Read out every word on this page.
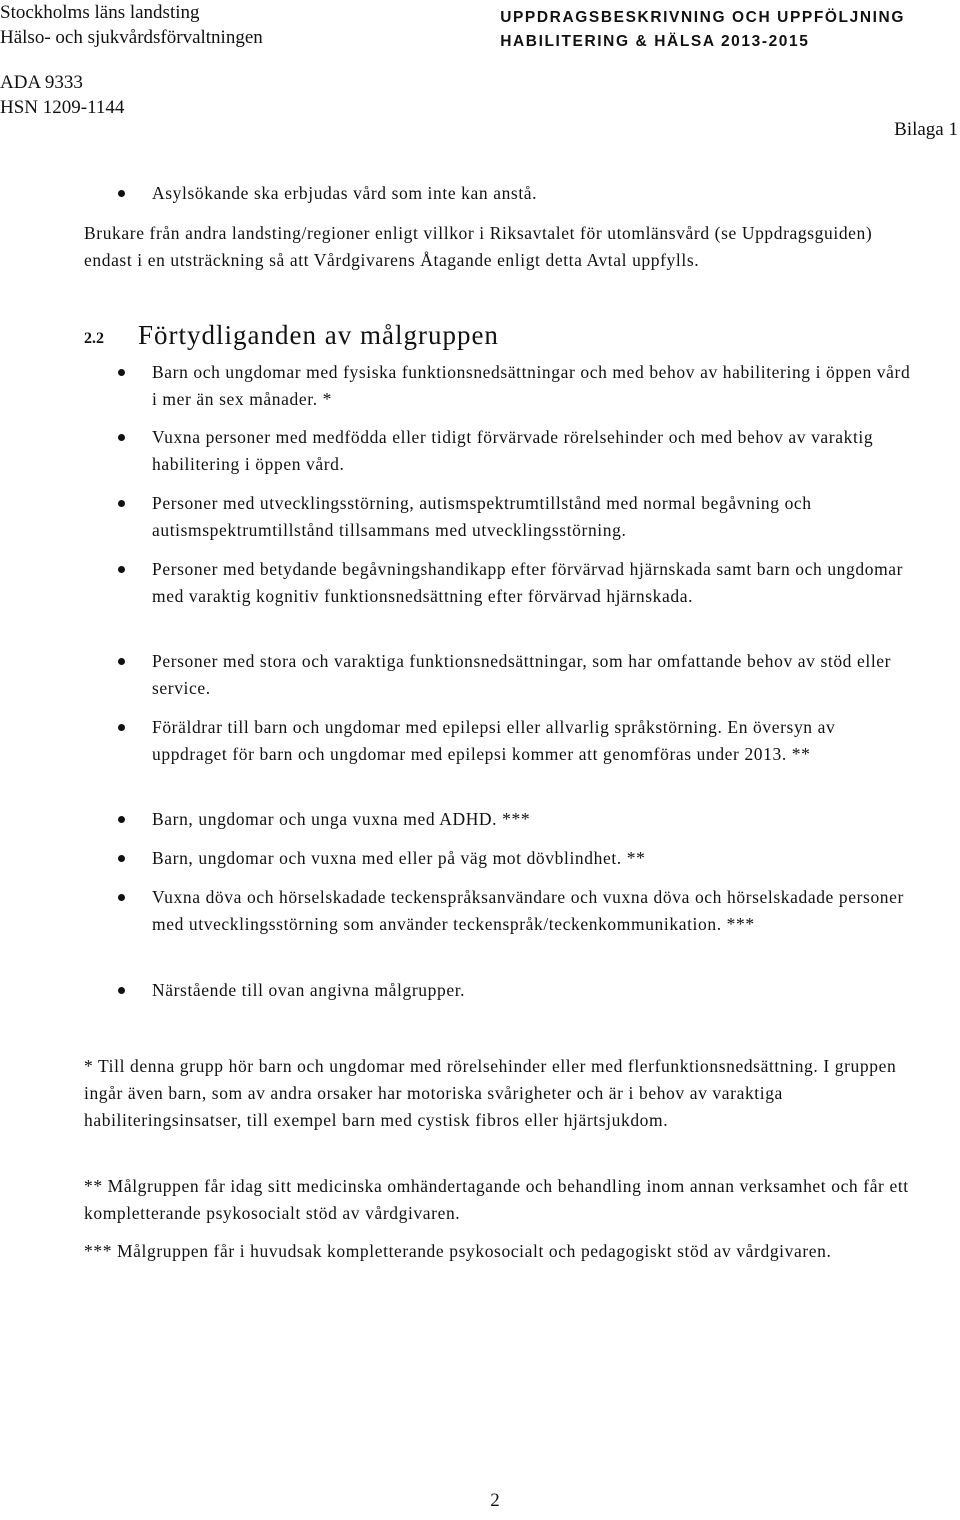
Stockholms läns landsting
Hälso- och sjukvårdsförvaltningen
UPPDRAGSBESKRIVNING OCH UPPFÖLJNING
HABILITERING & HÄLSA 2013-2015
ADA 9333
HSN 1209-1144
Bilaga 1
Asylsökande ska erbjudas vård som inte kan anstå.
Brukare från andra landsting/regioner enligt villkor i Riksavtalet för utomlänsvård (se Uppdragsguiden) endast i en utsträckning så att Vårdgivarens Åtagande enligt detta Avtal uppfylls.
2.2 Förtydliganden av målgruppen
Barn och ungdomar med fysiska funktionsnedsättningar och med behov av habilitering i öppen vård i mer än sex månader. *
Vuxna personer med medfödda eller tidigt förvärvade rörelsehinder och med behov av varaktig habilitering i öppen vård.
Personer med utvecklingsstörning, autismspektrumtillstånd med normal begåvning och autismspektrumtillstånd tillsammans med utvecklingsstörning.
Personer med betydande begåvningshandikapp efter förvärvad hjärnskada samt barn och ungdomar med varaktig kognitiv funktionsnedsättning efter förvärvad hjärnskada.
Personer med stora och varaktiga funktionsnedsättningar, som har omfattande behov av stöd eller service.
Föräldrar till barn och ungdomar med epilepsi eller allvarlig språkstörning. En översyn av uppdraget för barn och ungdomar med epilepsi kommer att genomföras under 2013. **
Barn, ungdomar och unga vuxna med ADHD. ***
Barn, ungdomar och vuxna med eller på väg mot dövblindhet. **
Vuxna döva och hörselskadade teckenspråksanvändare och vuxna döva och hörselskadade personer med utvecklingsstörning som använder teckenspråk/teckenkommunikation. ***
Närstående till ovan angivna målgrupper.
* Till denna grupp hör barn och ungdomar med rörelsehinder eller med flerfunktionsnedsättning. I gruppen ingår även barn, som av andra orsaker har motoriska svårigheter och är i behov av varaktiga habiliteringsinsatser, till exempel barn med cystisk fibros eller hjärtsjukdom.
** Målgruppen får idag sitt medicinska omhändertagande och behandling inom annan verksamhet och får ett kompletterande psykosocialt stöd av vårdgivaren.
*** Målgruppen får i huvudsak kompletterande psykosocialt och pedagogiskt stöd av vårdgivaren.
2
